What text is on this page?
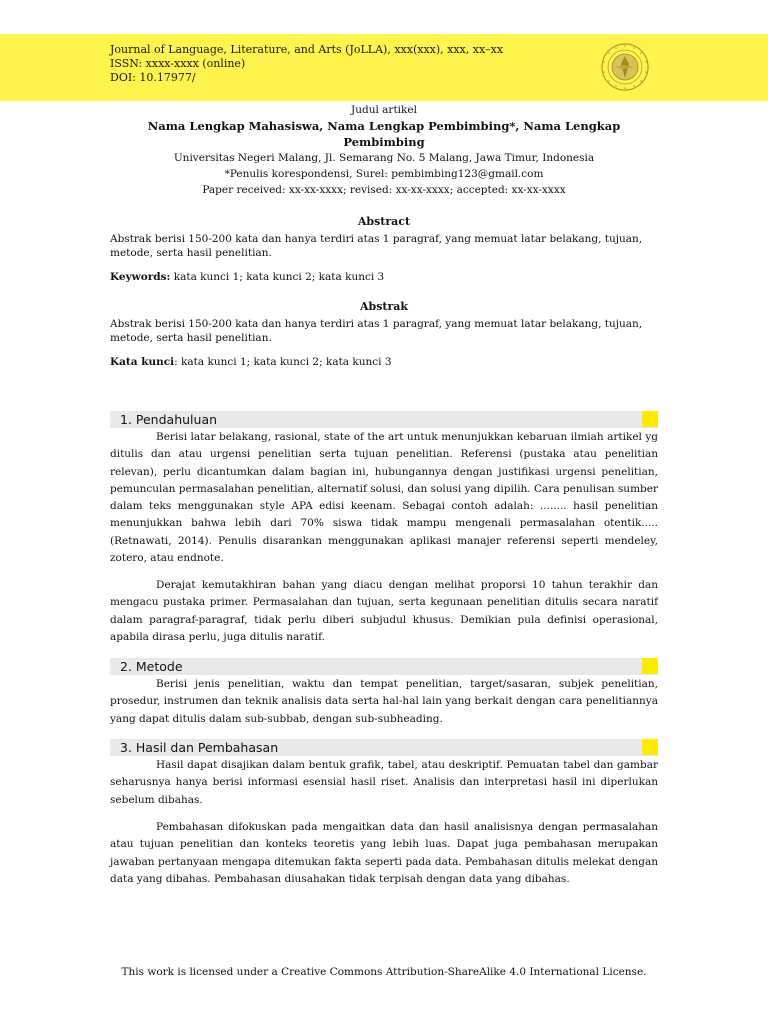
Journal of Language, Literature, and Arts (JoLLA), xxx(xxx), xxx, xx–xx
ISSN: xxxx-xxxx (online)
DOI: 10.17977/
Judul artikel
Nama Lengkap Mahasiswa, Nama Lengkap Pembimbing*, Nama Lengkap Pembimbing
Universitas Negeri Malang, Jl. Semarang No. 5 Malang, Jawa Timur, Indonesia
*Penulis korespondensi, Surel: pembimbing123@gmail.com
Paper received: xx-xx-xxxx; revised: xx-xx-xxxx; accepted: xx-xx-xxxx
Abstract
Abstrak berisi 150-200 kata dan hanya terdiri atas 1 paragraf, yang memuat latar belakang, tujuan,
metode, serta hasil penelitian.
Keywords: kata kunci 1; kata kunci 2; kata kunci 3
Abstrak
Abstrak berisi 150-200 kata dan hanya terdiri atas 1 paragraf, yang memuat latar belakang, tujuan,
metode, serta hasil penelitian.
Kata kunci: kata kunci 1; kata kunci 2; kata kunci 3
1. Pendahuluan
Berisi latar belakang, rasional, state of the art untuk menunjukkan kebaruan ilmiah artikel yg ditulis dan atau urgensi penelitian serta tujuan penelitian. Referensi (pustaka atau penelitian relevan), perlu dicantumkan dalam bagian ini, hubungannya dengan justifikasi urgensi penelitian, pemunculan permasalahan penelitian, alternatif solusi, dan solusi yang dipilih. Cara penulisan sumber dalam teks menggunakan style APA edisi keenam. Sebagai contoh adalah: ........ hasil penelitian menunjukkan bahwa lebih dari 70% siswa tidak mampu mengenali permasalahan otentik..... (Retnawati, 2014). Penulis disarankan menggunakan aplikasi manajer referensi seperti mendeley, zotero, atau endnote.
Derajat kemutakhiran bahan yang diacu dengan melihat proporsi 10 tahun terakhir dan mengacu pustaka primer. Permasalahan dan tujuan, serta kegunaan penelitian ditulis secara naratif dalam paragraf-paragraf, tidak perlu diberi subjudul khusus. Demikian pula definisi operasional, apabila dirasa perlu, juga ditulis naratif.
2. Metode
Berisi jenis penelitian, waktu dan tempat penelitian, target/sasaran, subjek penelitian, prosedur, instrumen dan teknik analisis data serta hal-hal lain yang berkait dengan cara penelitiannya yang dapat ditulis dalam sub-subbab, dengan sub-subheading.
3. Hasil dan Pembahasan
Hasil dapat disajikan dalam bentuk grafik, tabel, atau deskriptif. Pemuatan tabel dan gambar seharusnya hanya berisi informasi esensial hasil riset. Analisis dan interpretasi hasil ini diperlukan sebelum dibahas.
Pembahasan difokuskan pada mengaitkan data dan hasil analisisnya dengan permasalahan atau tujuan penelitian dan konteks teoretis yang lebih luas. Dapat juga pembahasan merupakan jawaban pertanyaan mengapa ditemukan fakta seperti pada data. Pembahasan ditulis melekat dengan data yang dibahas. Pembahasan diusahakan tidak terpisah dengan data yang dibahas.
This work is licensed under a Creative Commons Attribution-ShareAlike 4.0 International License.
